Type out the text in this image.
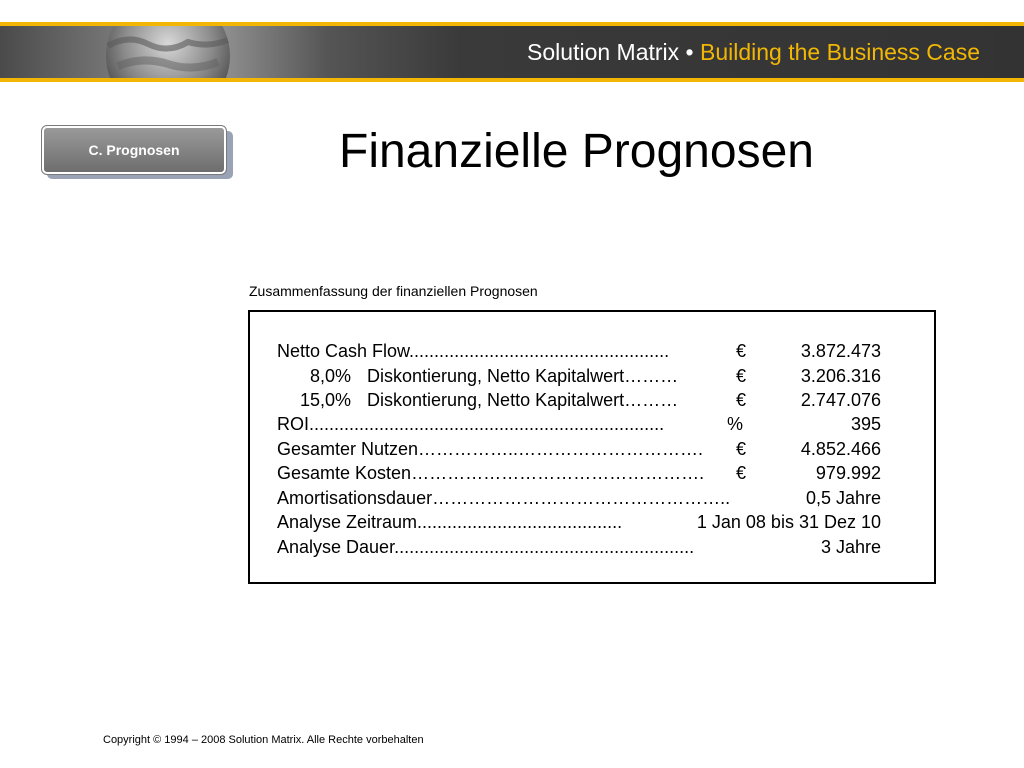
Solution Matrix • Building the Business Case
C. Prognosen	Finanzielle Prognosen
Zusammenfassung der finanziellen Prognosen
Netto Cash Flow....................................................	€	3.872.473
8,0% Diskontierung, Netto Kapitalwert………	€	3.206.316
15,0% Diskontierung, Netto Kapitalwert………	€	2.747.076
ROI.......................................................................	%	395
Gesamter Nutzen……………..………………………….	€	4.852.466
Gesamte Kosten………………………………………….	€	979.992
Amortisationsdauer…………………………………………..	0,5 Jahre
Analyse Zeitraum.........................................	1 Jan 08 bis 31 Dez 10
Analyse Dauer............................................................	3 Jahre
Copyright © 1994 – 2008 Solution Matrix. Alle Rechte vorbehalten
